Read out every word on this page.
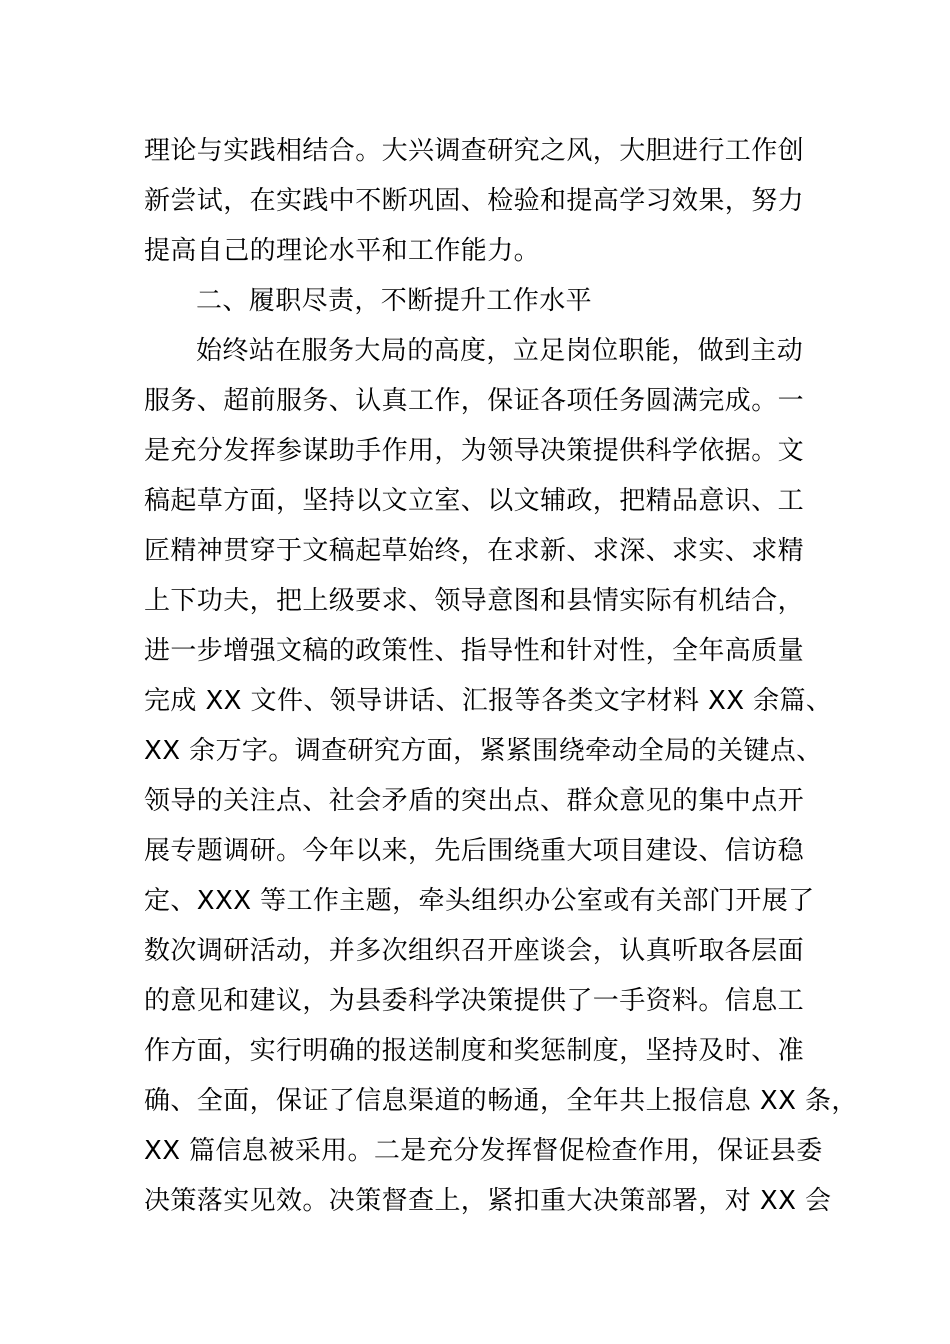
理论与实践相结合。大兴调查研究之风，大胆进行工作创
新尝试，在实践中不断巩固、检验和提高学习效果，努力
提高自己的理论水平和工作能力。
二、履职尽责，不断提升工作水平
始终站在服务大局的高度，立足岗位职能，做到主动
服务、超前服务、认真工作，保证各项任务圆满完成。一
是充分发挥参谋助手作用，为领导决策提供科学依据。文
稿起草方面，坚持以文立室、以文辅政，把精品意识、工
匠精神贯穿于文稿起草始终，在求新、求深、求实、求精
上下功夫，把上级要求、领导意图和县情实际有机结合，
进一步增强文稿的政策性、指导性和针对性，全年高质量
完成 XX 文件、领导讲话、汇报等各类文字材料 XX 余篇、
XX 余万字。调查研究方面，紧紧围绕牵动全局的关键点、
领导的关注点、社会矛盾的突出点、群众意见的集中点开
展专题调研。今年以来，先后围绕重大项目建设、信访稳
定、XXX 等工作主题，牵头组织办公室或有关部门开展了
数次调研活动，并多次组织召开座谈会，认真听取各层面
的意见和建议，为县委科学决策提供了一手资料。信息工
作方面，实行明确的报送制度和奖惩制度，坚持及时、准
确、全面，保证了信息渠道的畅通，全年共上报信息 XX 条，
XX 篇信息被采用。二是充分发挥督促检查作用，保证县委
决策落实见效。决策督查上，紧扣重大决策部署，对 XX 会
